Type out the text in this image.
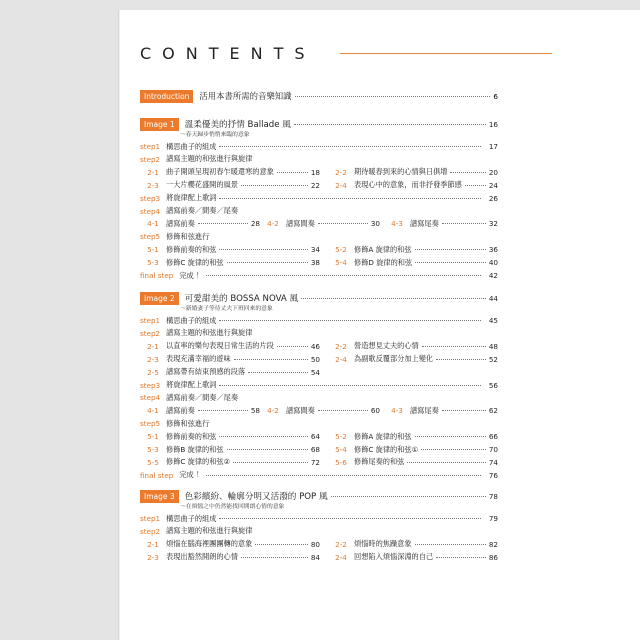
CONTENTS
Introduction	活用本書所需的音樂知識	6
Image 1	溫柔優美的抒情 Ballade 風	16
〜春天歸步悄悄來臨的意象
step1 構思曲子的組成	17
step2 譜寫主題的和弦進行與旋律
2-1 曲子開頭呈現初春乍暖還寒的意象	18	2-2 期待暖春到來的心情與日俱增	20
2-3 一大片櫻花盛開的風景	22	2-4 表現心中的意象，而非抒發季節感	24
step3 將旋律配上歌詞	26
step4 譜寫前奏／間奏／尾奏
4-1 譜寫前奏	28 4-2 譜寫間奏	30	4-3 譜寫尾奏	32
step5 修飾和弦進行
5-1 修飾前奏的和弦	34	5-2 修飾A 旋律的和弦	36
5-3 修飾C 旋律的和弦	38	5-4 修飾D 旋律的和弦	40
final step 完成 ！	42
Image 2	可愛甜美的 BOSSA NOVA 風	44
〜新婚妻子等待丈夫下班回來的意象
step1 構思曲子的組成	45
step2 譜寫主題的和弦進行與旋律
2-1 以直率的樂句表現日常生活的片段	46	2-2 營造想見丈夫的心情	48
2-3 表現充滿幸福的遊味	50	2-4 為副歌反覆部分加上變化	52
2-5 譜寫帶有結束預感的段落	54
step3 將旋律配上歌詞	56
step4 譜寫前奏／間奏／尾奏
4-1 譜寫前奏	58 4-2 譜寫間奏	60	4-3 譜寫尾奏	62
step5 修飾和弦進行
5-1 修飾前奏的和弦	64	5-2 修飾A 旋律的和弦	66
5-3 修飾B 旋律的和弦	68	5-4 修飾C 旋律的和弦①	70
5-5 修飾C 旋律的和弦②	72	5-6 修飾尾奏的和弦	74
final step 完成 ！	76
Image 3	色彩繽紛、輪廓分明又活潑的 POP 風	78
〜在煩惱之中仍然能找回開朗心情的意象
step1 構思曲子的組成	79
step2 譜寫主題的和弦進行與旋律
2-1 煩惱在腦海裡團團轉的意象	80	2-2 煩惱時的焦躁意象	82
2-3 表現出豁然開朗的心情	84	2-4 回想陷入煩惱深淵的自己	86
